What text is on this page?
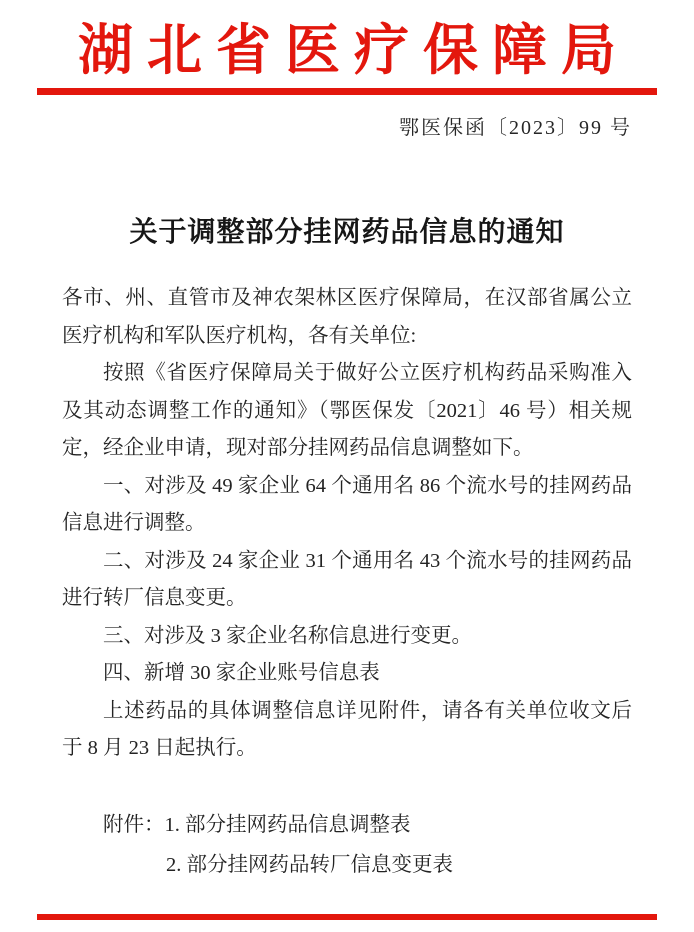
湖北省医疗保障局
鄂医保函〔2023〕99 号
关于调整部分挂网药品信息的通知

各市、州、直管市及神农架林区医疗保障局，在汉部省属公立医疗机构和军队医疗机构，各有关单位:

按照《省医疗保障局关于做好公立医疗机构药品采购准入及其动态调整工作的通知》（鄂医保发〔2021〕46 号）相关规定，经企业申请，现对部分挂网药品信息调整如下。

一、对涉及 49 家企业 64 个通用名 86 个流水号的挂网药品信息进行调整。

二、对涉及 24 家企业 31 个通用名 43 个流水号的挂网药品进行转厂信息变更。

三、对涉及 3 家企业名称信息进行变更。

四、新增 30 家企业账号信息表

上述药品的具体调整信息详见附件，请各有关单位收文后于 8 月 23 日起执行。

附件：1. 部分挂网药品信息调整表
2. 部分挂网药品转厂信息变更表
